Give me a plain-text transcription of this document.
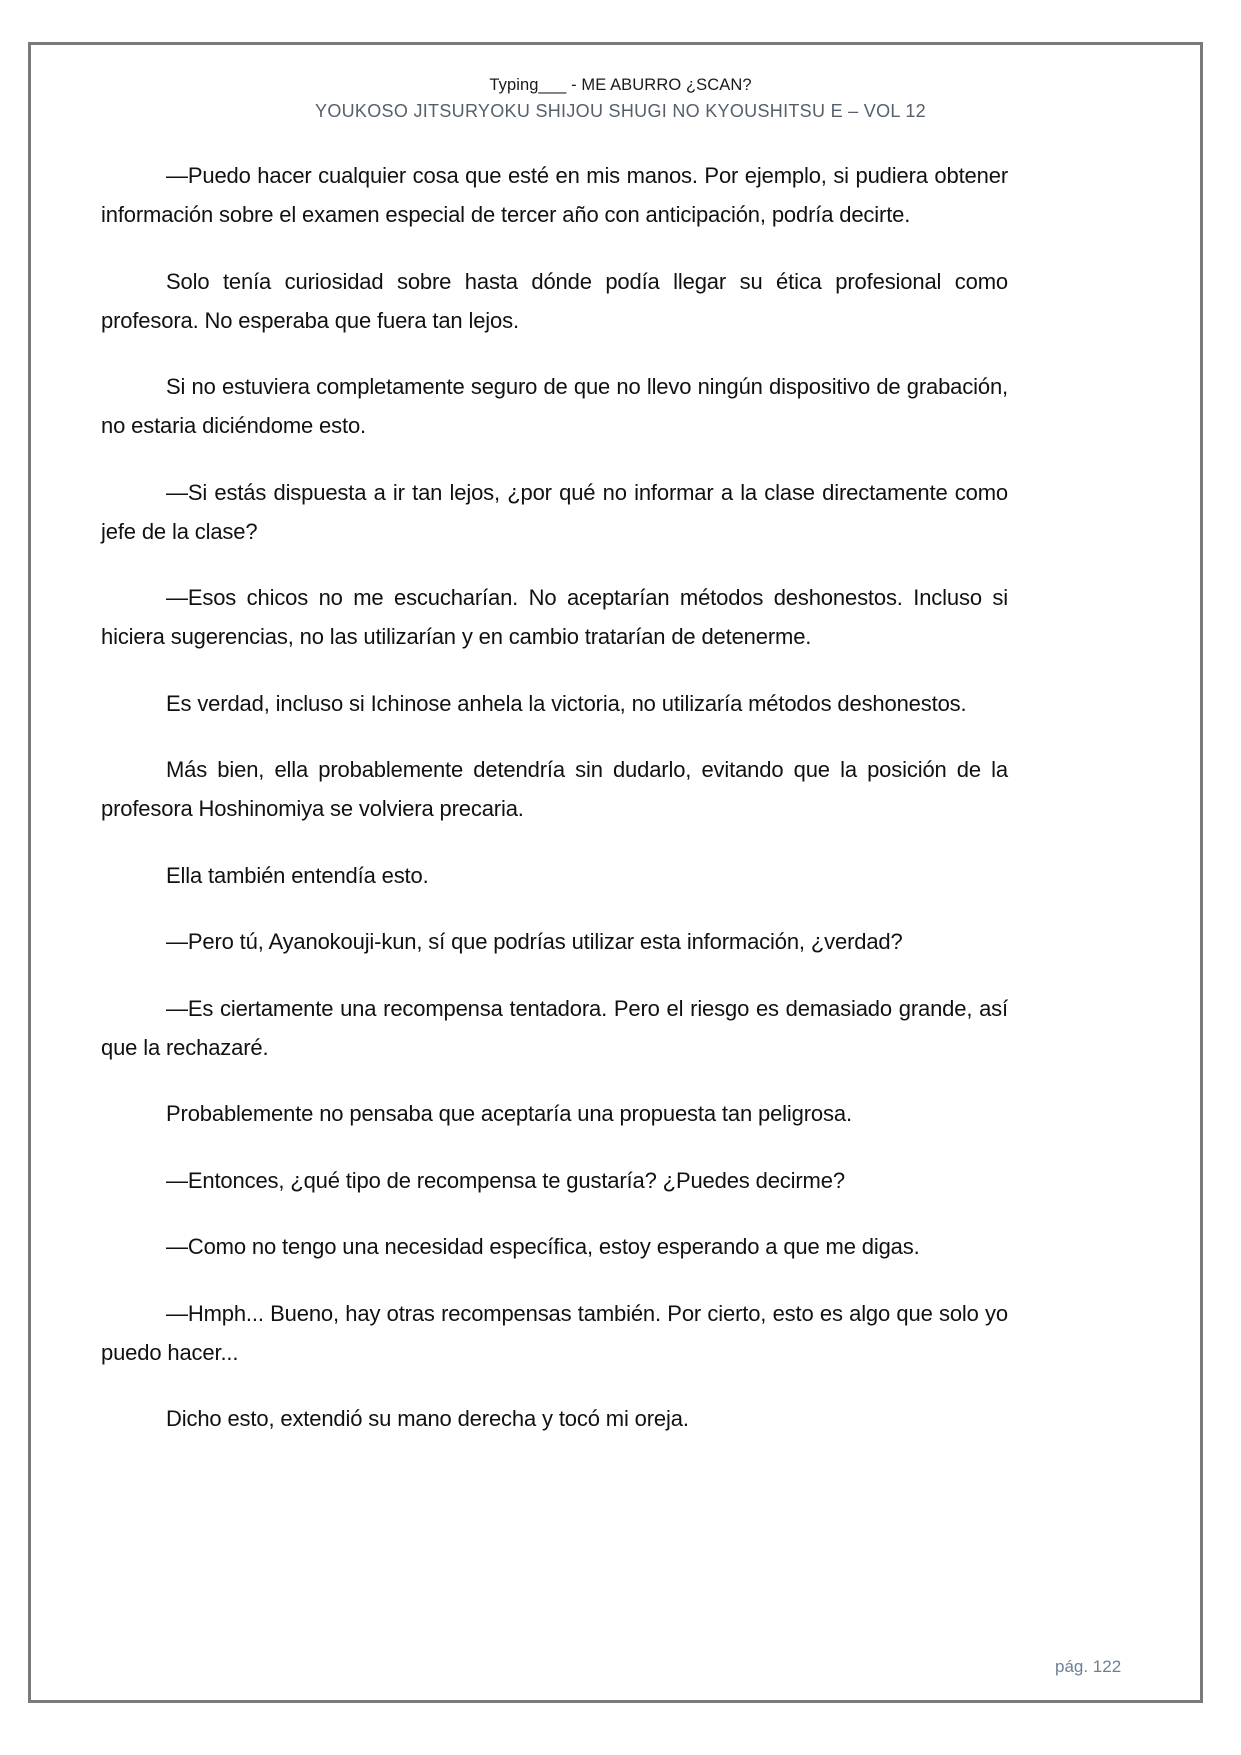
Typing___ - ME ABURRO ¿SCAN?
YOUKOSO JITSURYOKU SHIJOU SHUGI NO KYOUSHITSU E – VOL 12

—Puedo hacer cualquier cosa que esté en mis manos. Por ejemplo, si pudiera obtener información sobre el examen especial de tercer año con anticipación, podría decirte.

Solo tenía curiosidad sobre hasta dónde podía llegar su ética profesional como profesora. No esperaba que fuera tan lejos.

Si no estuviera completamente seguro de que no llevo ningún dispositivo de grabación, no estaria diciéndome esto.

—Si estás dispuesta a ir tan lejos, ¿por qué no informar a la clase directamente como jefe de la clase?

—Esos chicos no me escucharían. No aceptarían métodos deshonestos. Incluso si hiciera sugerencias, no las utilizarían y en cambio tratarían de detenerme.

Es verdad, incluso si Ichinose anhela la victoria, no utilizaría métodos deshonestos.

Más bien, ella probablemente detendría sin dudarlo, evitando que la posición de la profesora Hoshinomiya se volviera precaria.

Ella también entendía esto.

—Pero tú, Ayanokouji-kun, sí que podrías utilizar esta información, ¿verdad?

—Es ciertamente una recompensa tentadora. Pero el riesgo es demasiado grande, así que la rechazaré.

Probablemente no pensaba que aceptaría una propuesta tan peligrosa.

—Entonces, ¿qué tipo de recompensa te gustaría? ¿Puedes decirme?

—Como no tengo una necesidad específica, estoy esperando a que me digas.

—Hmph... Bueno, hay otras recompensas también. Por cierto, esto es algo que solo yo puedo hacer...

Dicho esto, extendió su mano derecha y tocó mi oreja.

pág. 122
